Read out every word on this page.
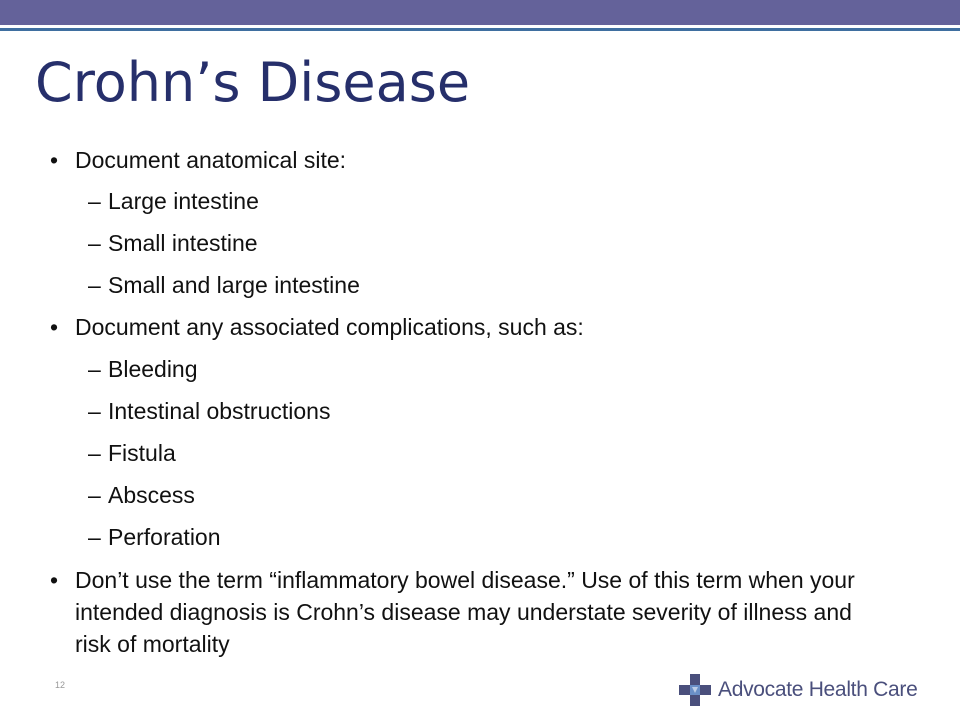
Crohn’s Disease
• Document anatomical site:
– Large intestine
– Small intestine
– Small and large intestine
• Document any associated complications, such as:
– Bleeding
– Intestinal obstructions
– Fistula
– Abscess
– Perforation
• Don’t use the term “inflammatory bowel disease.” Use of this term when your intended diagnosis is Crohn’s disease may understate severity of illness and risk of mortality
12	Advocate Health Care
